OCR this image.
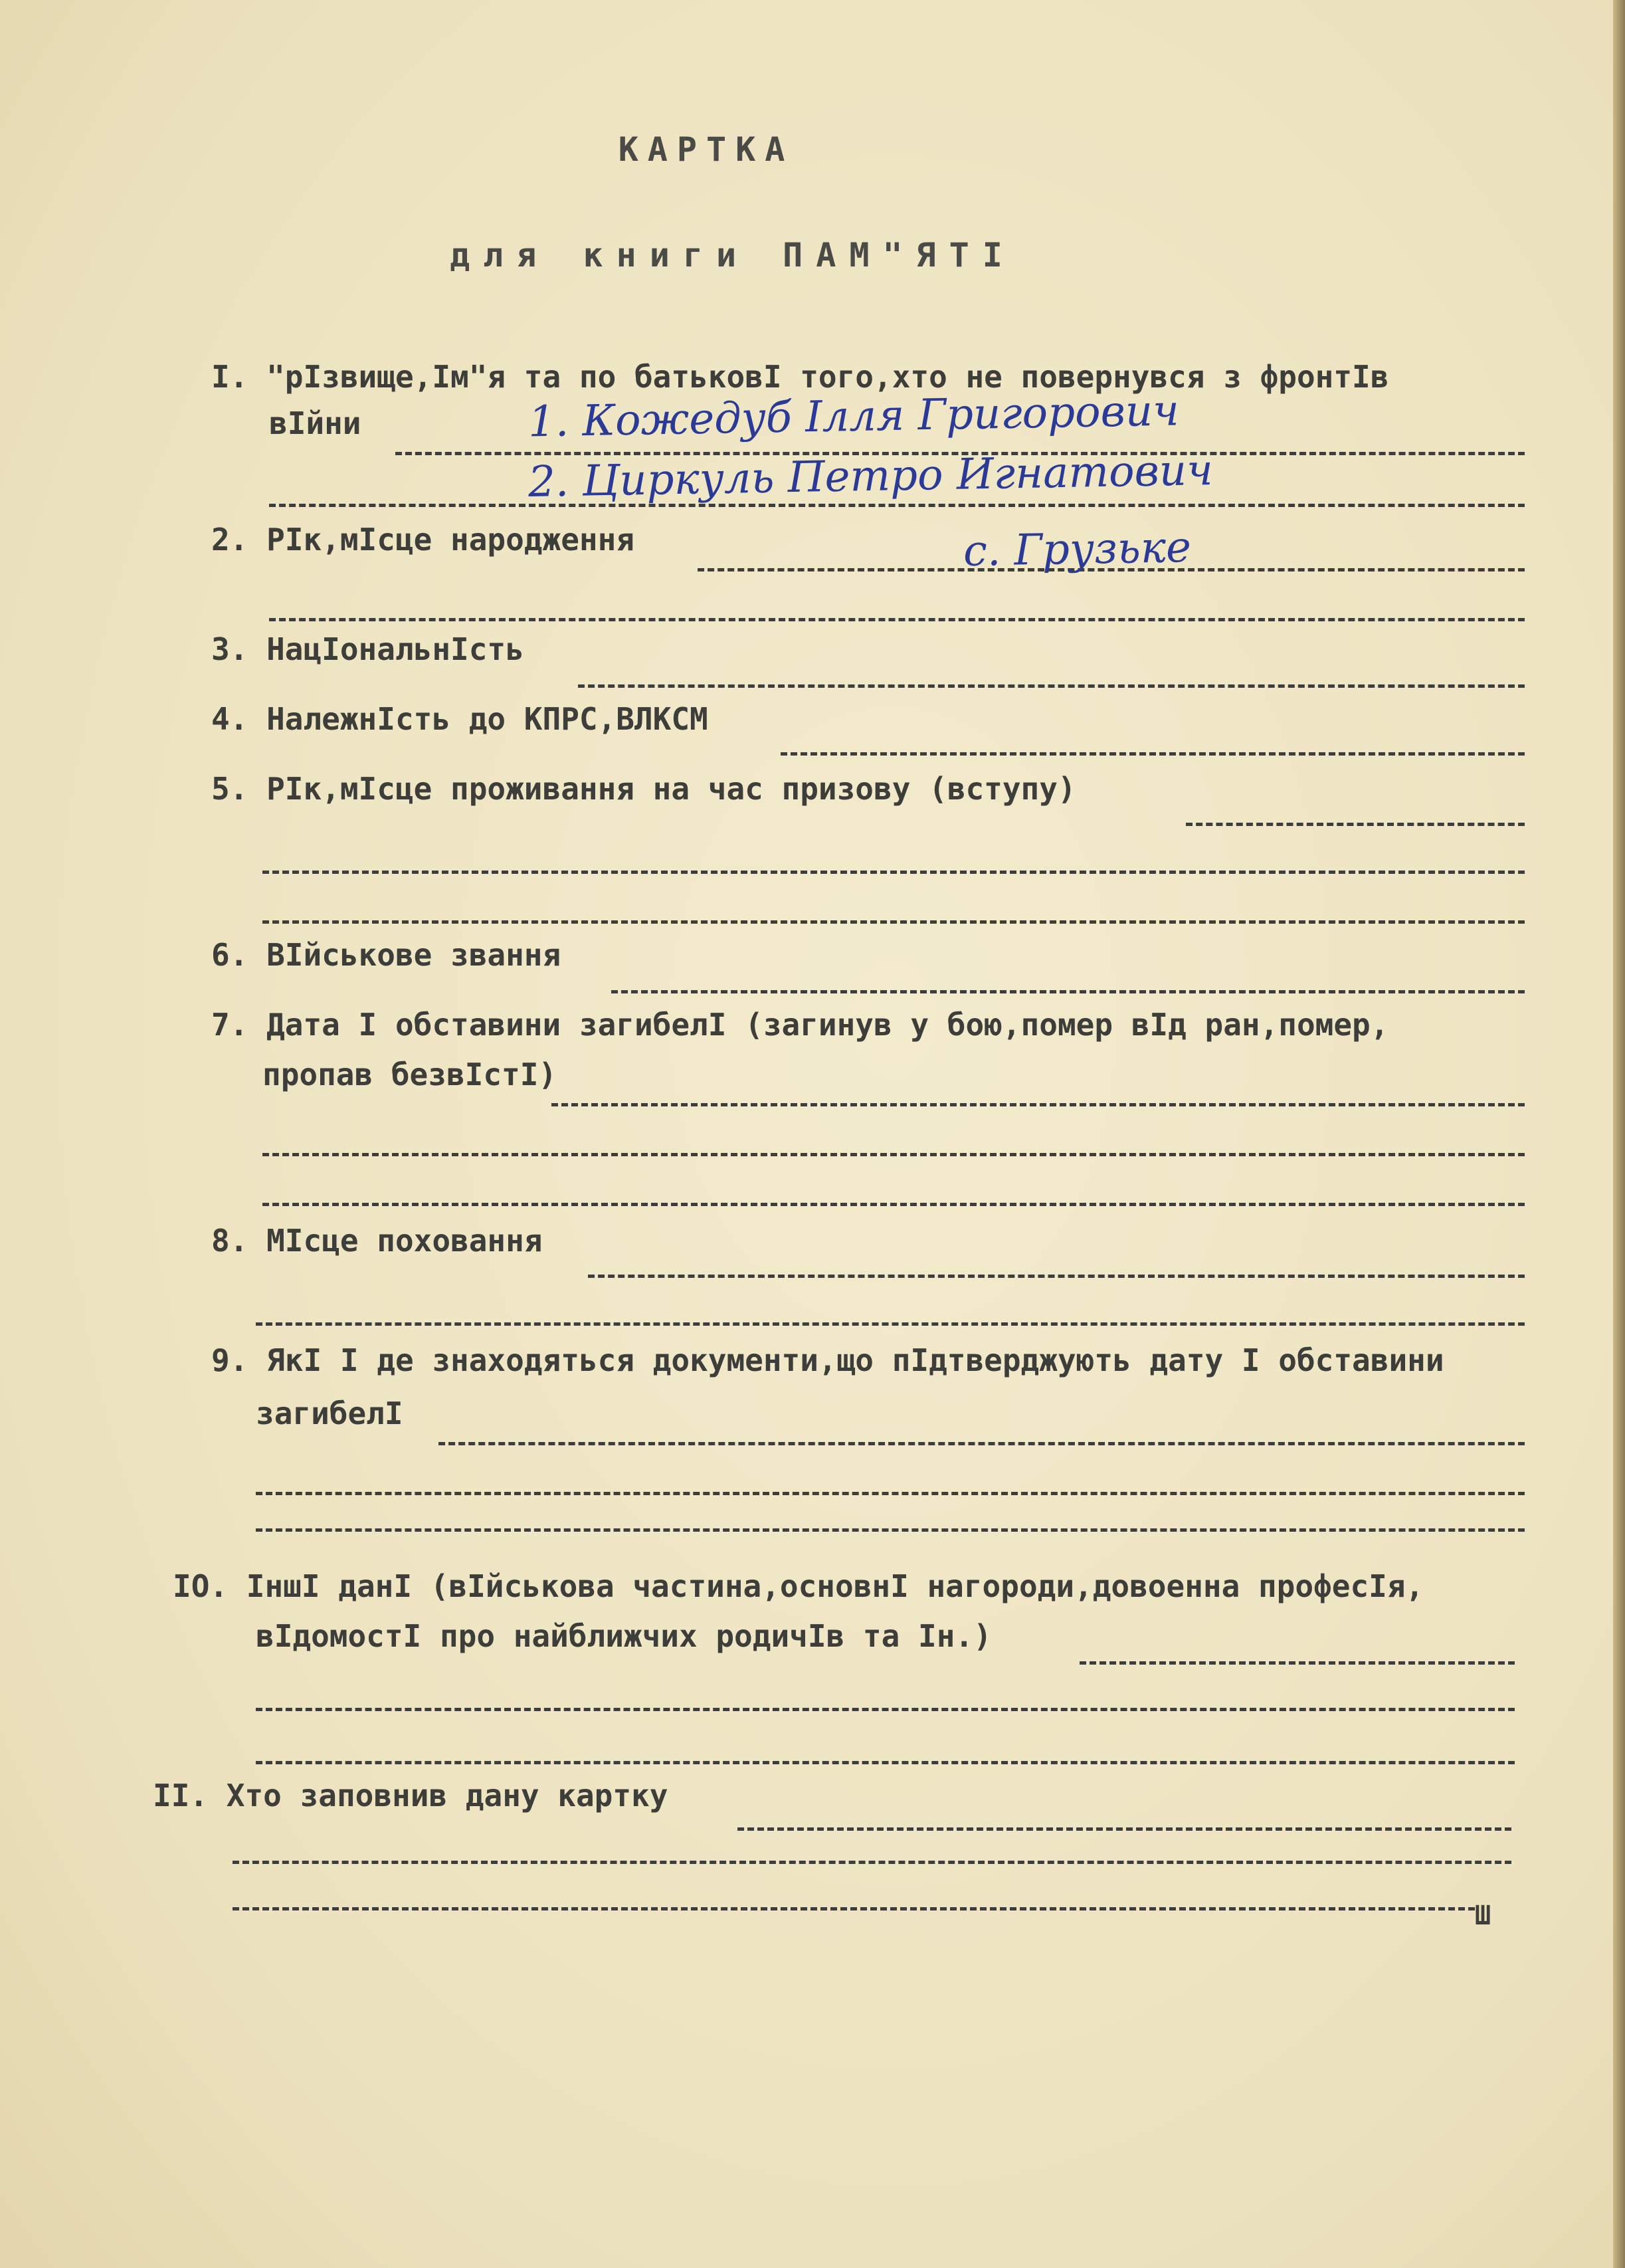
КАРТКА
для книги ПАМ"ЯТІ
I. "рІзвище,Ім"я та по батьковІ того,хто не повернувся з фронтІв
вІйни	1. Кожедуб Ілля Григорович
2. Циркуль Петро Игнатович
2. РІк,мІсце народження	с. Грузьке
3. НацІональнІсть
4. НалежнІсть до КПРС,ВЛКСМ
5. РІк,мІсце проживання на час призову (вступу)
6. ВІйськове звання
7. Дата І обставини загибелІ (загинув у бою,помер вІд ран,помер,
пропав безвІстІ)
8. МІсце поховання
9. ЯкІ І де знаходяться документи,що пІдтверджують дату І обставини
загибелІ
IO. ІншІ данІ (вІйськова частина,основнІ нагороди,довоенна професІя,
вІдомостІ про найближчих родичІв та Ін.)
II. Хто заповнив дану картку
Ш
